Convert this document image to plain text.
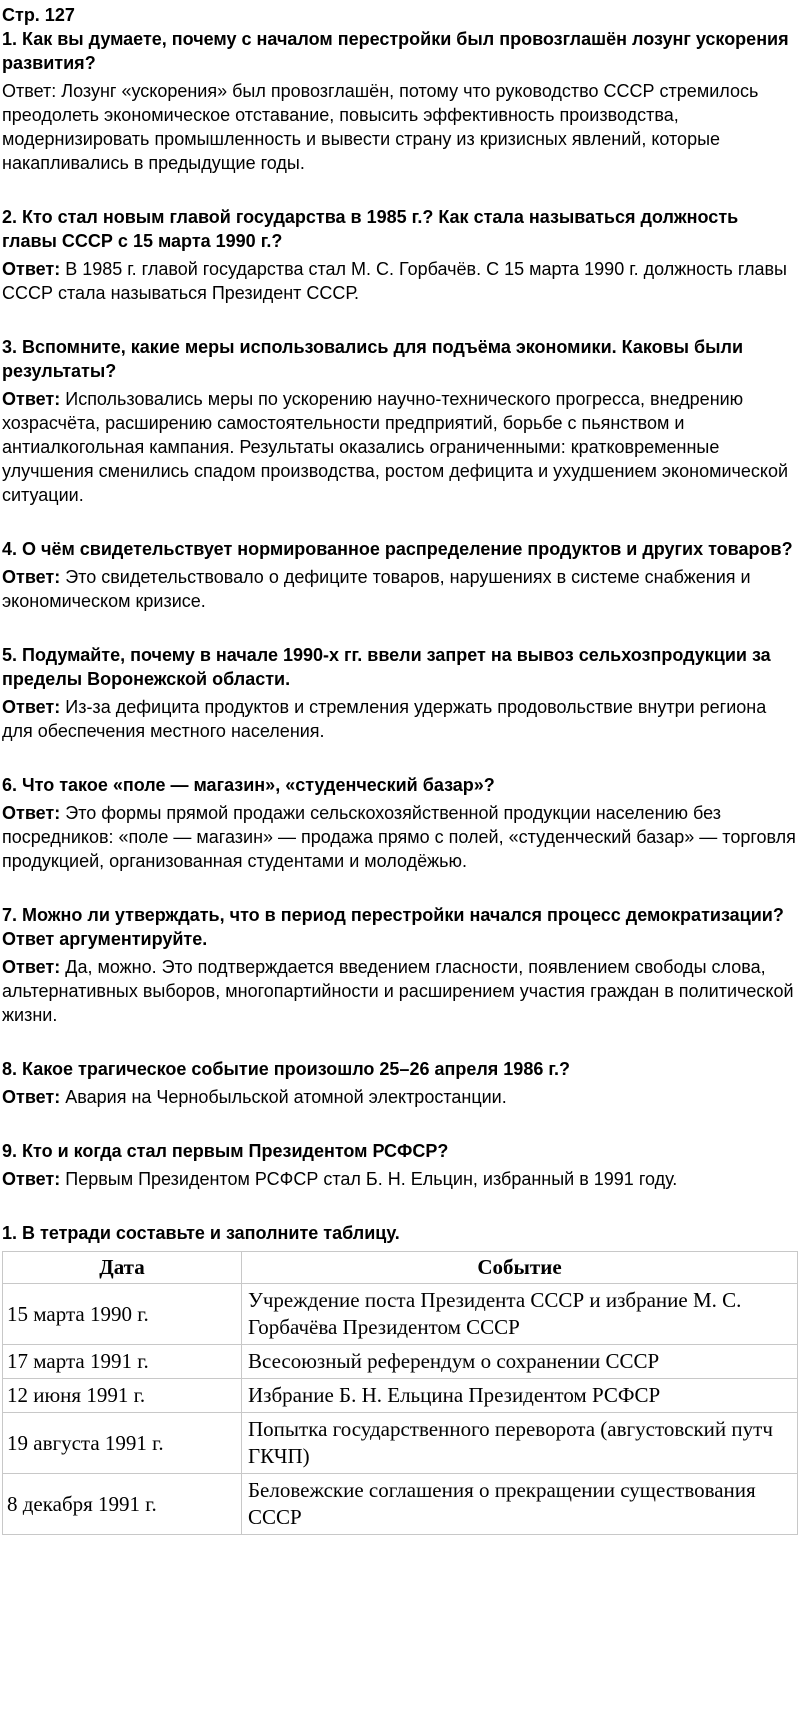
Стр. 127

1. Как вы думаете, почему с началом перестройки был провозглашён лозунг ускорения развития?

Ответ: Лозунг «ускорения» был провозглашён, потому что руководство СССР стремилось преодолеть экономическое отставание, повысить эффективность производства, модернизировать промышленность и вывести страну из кризисных явлений, которые накапливались в предыдущие годы.

2. Кто стал новым главой государства в 1985 г.? Как стала называться должность главы СССР с 15 марта 1990 г.?

Ответ: В 1985 г. главой государства стал М. С. Горбачёв. С 15 марта 1990 г. должность главы СССР стала называться Президент СССР.

3. Вспомните, какие меры использовались для подъёма экономики. Каковы были результаты?

Ответ: Использовались меры по ускорению научно-технического прогресса, внедрению хозрасчёта, расширению самостоятельности предприятий, борьбе с пьянством и антиалкогольная кампания. Результаты оказались ограниченными: кратковременные улучшения сменились спадом производства, ростом дефицита и ухудшением экономической ситуации.

4. О чём свидетельствует нормированное распределение продуктов и других товаров?

Ответ: Это свидетельствовало о дефиците товаров, нарушениях в системе снабжения и экономическом кризисе.

5. Подумайте, почему в начале 1990-х гг. ввели запрет на вывоз сельхозпродукции за пределы Воронежской области.

Ответ: Из-за дефицита продуктов и стремления удержать продовольствие внутри региона для обеспечения местного населения.

6. Что такое «поле — магазин», «студенческий базар»?

Ответ: Это формы прямой продажи сельскохозяйственной продукции населению без посредников: «поле — магазин» — продажа прямо с полей, «студенческий базар» — торговля продукцией, организованная студентами и молодёжью.

7. Можно ли утверждать, что в период перестройки начался процесс демократизации? Ответ аргументируйте.

Ответ: Да, можно. Это подтверждается введением гласности, появлением свободы слова, альтернативных выборов, многопартийности и расширением участия граждан в политической жизни.

8. Какое трагическое событие произошло 25–26 апреля 1986 г.?

Ответ: Авария на Чернобыльской атомной электростанции.

9. Кто и когда стал первым Президентом РСФСР?

Ответ: Первым Президентом РСФСР стал Б. Н. Ельцин, избранный в 1991 году.

1. В тетради составьте и заполните таблицу.

Дата	Событие
15 марта 1990 г.	Учреждение поста Президента СССР и избрание М. С. Горбачёва Президентом СССР
17 марта 1991 г.	Всесоюзный референдум о сохранении СССР
12 июня 1991 г.	Избрание Б. Н. Ельцина Президентом РСФСР
19 августа 1991 г.	Попытка государственного переворота (августовский путч ГКЧП)
8 декабря 1991 г.	Беловежские соглашения о прекращении существования СССР
